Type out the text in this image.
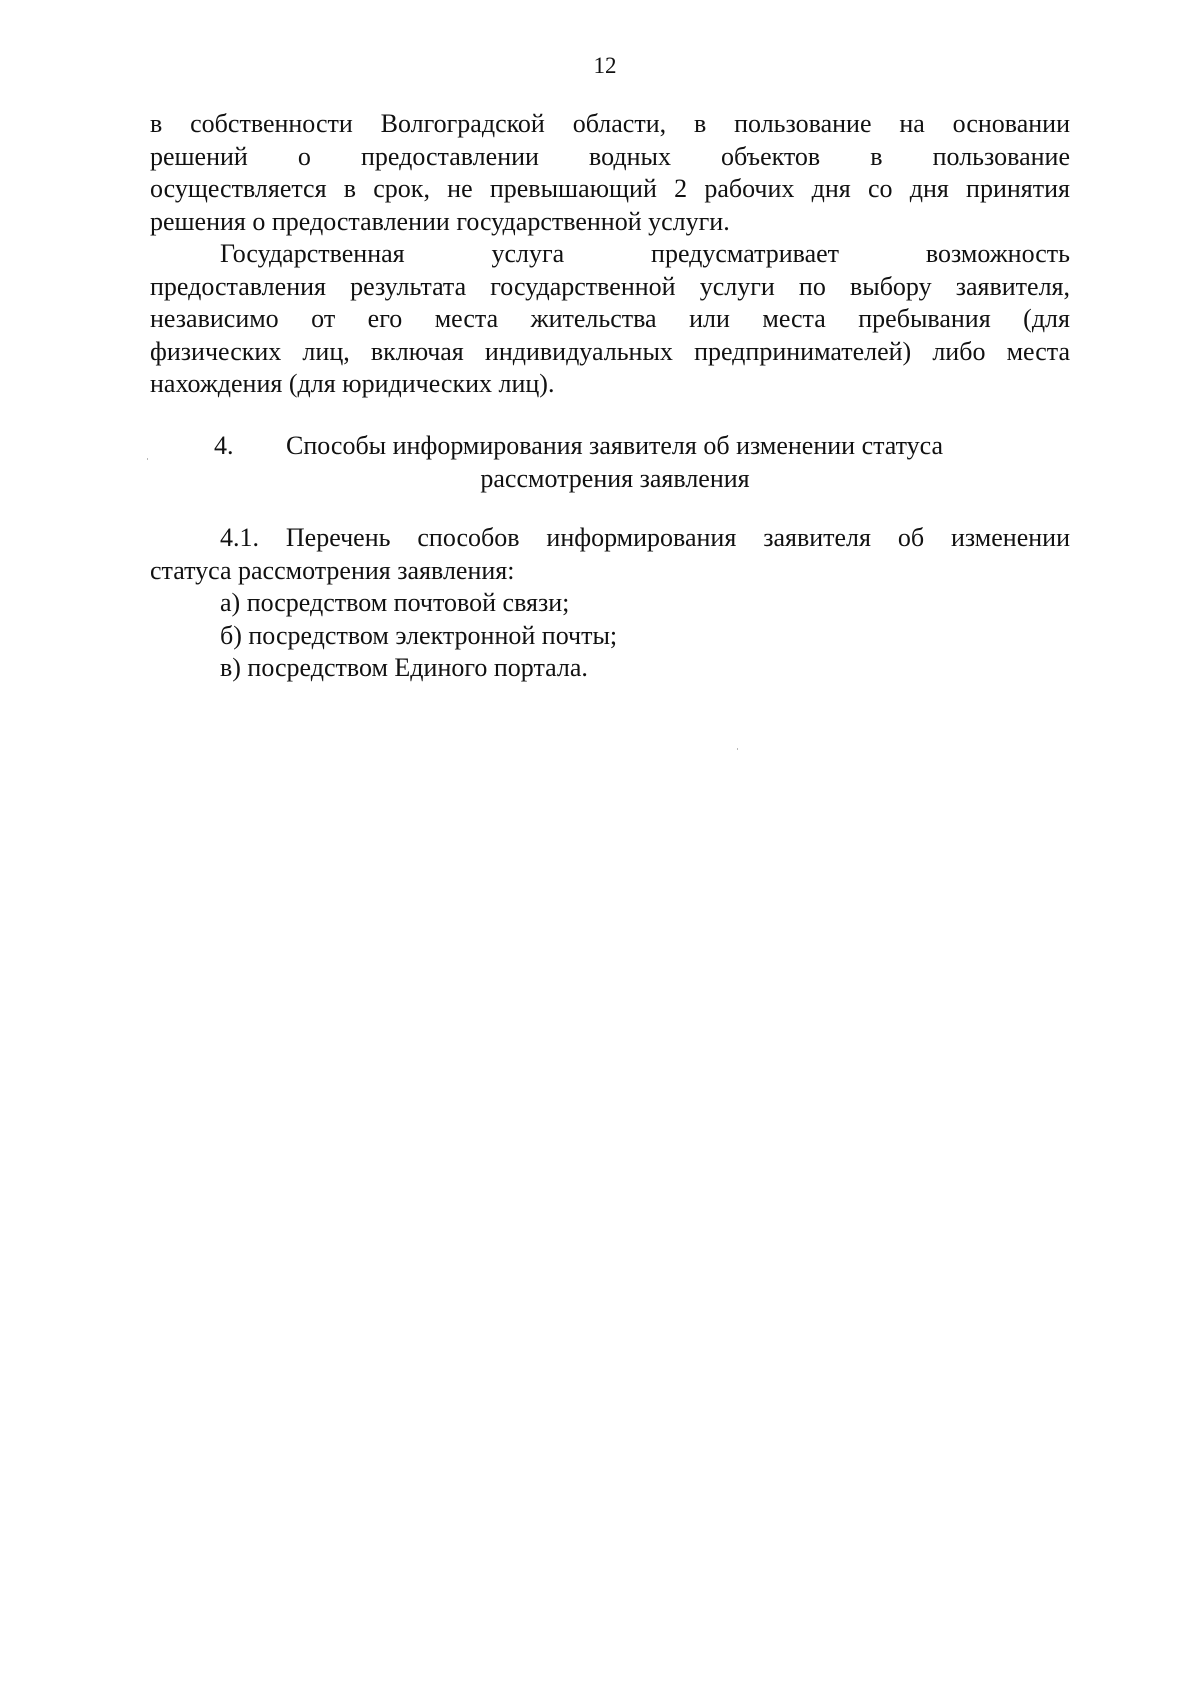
12
в собственности Волгоградской области, в пользование на основании
решений о предоставлении водных объектов в пользование
осуществляется в срок, не превышающий 2 рабочих дня со дня принятия
решения о предоставлении государственной услуги.
Государственная услуга предусматривает возможность
предоставления результата государственной услуги по выбору заявителя,
независимо от его места жительства или места пребывания (для
физических лиц, включая индивидуальных предпринимателей) либо места
нахождения (для юридических лиц).
4. Способы информирования заявителя об изменении статуса
рассмотрения заявления
4.1. Перечень способов информирования заявителя об изменении
статуса рассмотрения заявления:
а) посредством почтовой связи;
б) посредством электронной почты;
в) посредством Единого портала.
